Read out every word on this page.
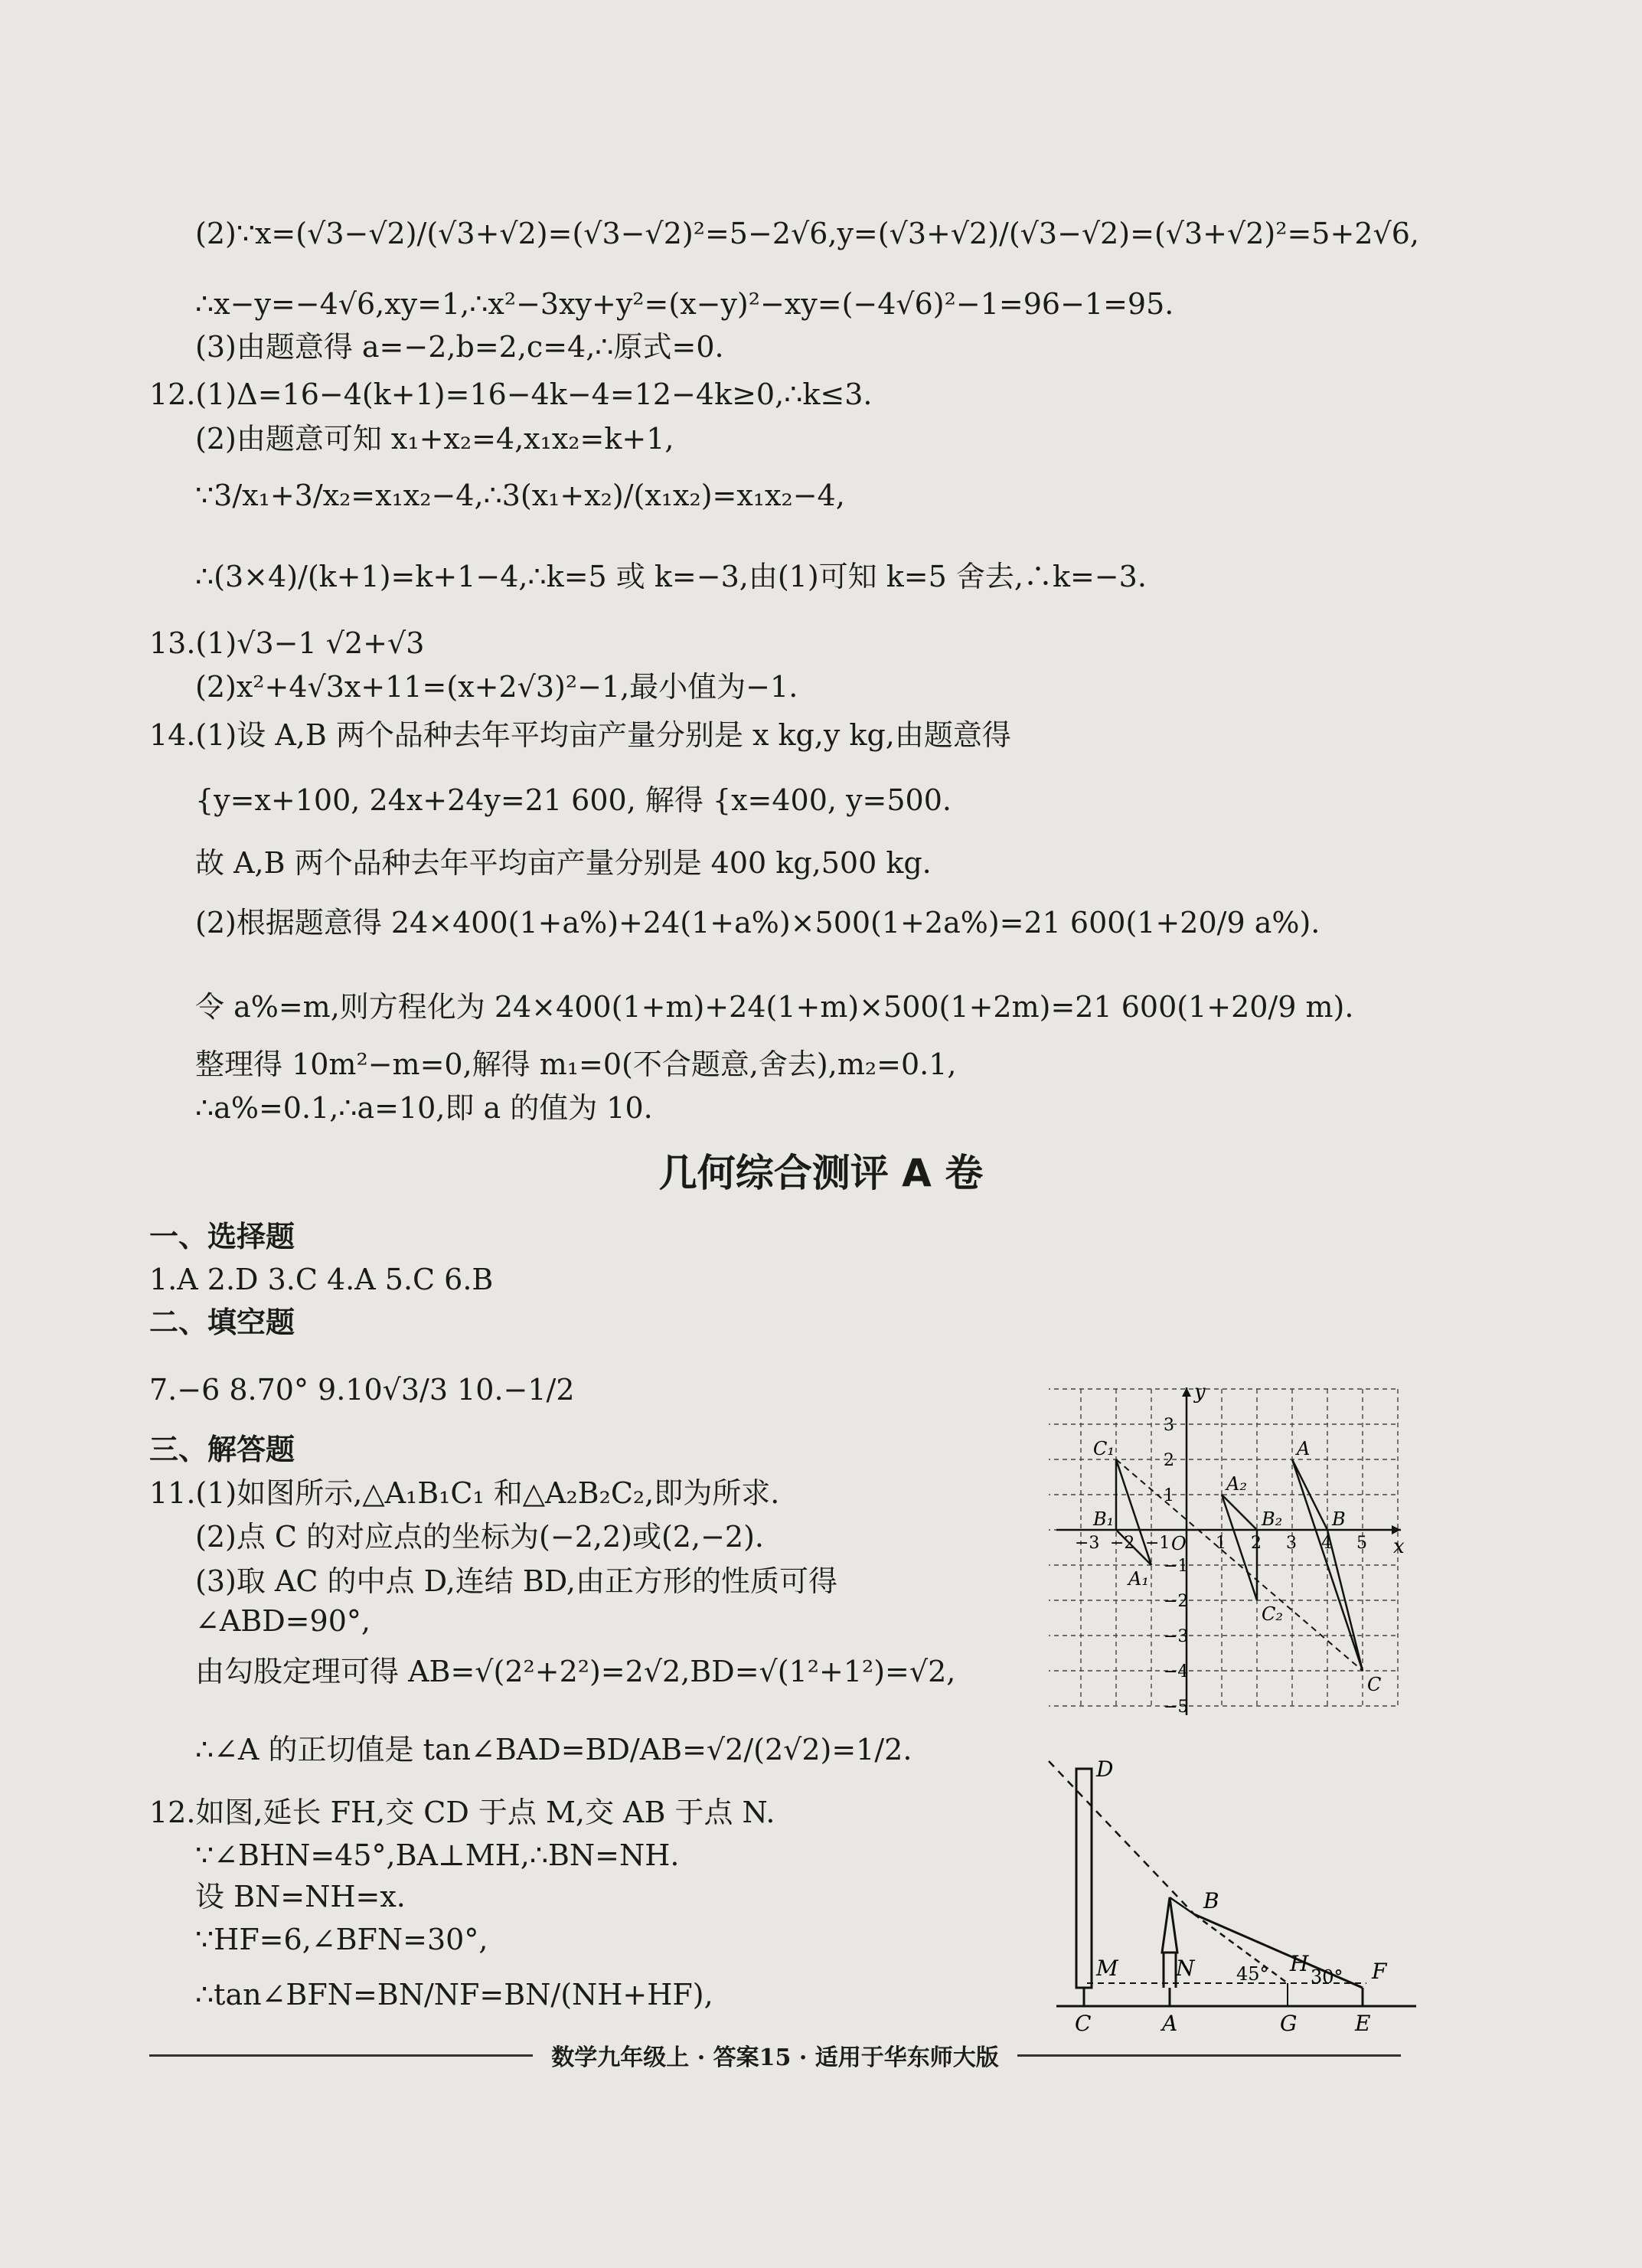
(2)∵x=(√3−√2)/(√3+√2)=(√3−√2)²=5−2√6,y=(√3+√2)/(√3−√2)=(√3+√2)²=5+2√6,
∴x−y=−4√6,xy=1,∴x²−3xy+y²=(x−y)²−xy=(−4√6)²−1=96−1=95.
(3)由题意得 a=−2,b=2,c=4,∴原式=0.
12.(1)Δ=16−4(k+1)=16−4k−4=12−4k≥0,∴k≤3.
(2)由题意可知 x₁+x₂=4,x₁x₂=k+1,
∵3/x₁+3/x₂=x₁x₂−4,∴3(x₁+x₂)/(x₁x₂)=x₁x₂−4,
∴(3×4)/(k+1)=k+1−4,∴k=5 或 k=−3,由(1)可知 k=5 舍去,∴k=−3.
13.(1)√3−1 √2+√3
(2)x²+4√3x+11=(x+2√3)²−1,最小值为−1.
14.(1)设 A,B 两个品种去年平均亩产量分别是 x kg,y kg,由题意得
{y=x+100, 24x+24y=21 600, 解得 {x=400, y=500.
故 A,B 两个品种去年平均亩产量分别是 400 kg,500 kg.
(2)根据题意得 24×400(1+a%)+24(1+a%)×500(1+2a%)=21 600(1+20/9 a%).
令 a%=m,则方程化为 24×400(1+m)+24(1+m)×500(1+2m)=21 600(1+20/9 m).
整理得 10m²−m=0,解得 m₁=0(不合题意,舍去),m₂=0.1,
∴a%=0.1,∴a=10,即 a 的值为 10.
几何综合测评 A 卷
一、选择题
1.A 2.D 3.C 4.A 5.C 6.B
二、填空题
7.−6 8.70° 9.10√3/3 10.−1/2
三、解答题
11.(1)如图所示,△A₁B₁C₁ 和△A₂B₂C₂,即为所求.
(2)点 C 的对应点的坐标为(−2,2)或(2,−2).
(3)取 AC 的中点 D,连结 BD,由正方形的性质可得
∠ABD=90°,
由勾股定理可得 AB=√(2²+2²)=2√2,BD=√(1²+1²)=√2,
∴∠A 的正切值是 tan∠BAD=BD/AB=√2/(2√2)=1/2.
12.如图,延长 FH,交 CD 于点 M,交 AB 于点 N.
∵∠BHN=45°,BA⊥MH,∴BN=NH.
设 BN=NH=x.
∵HF=6,∠BFN=30°,
∴tan∠BFN=BN/NF=BN/(NH+HF),
x
y
O
−3 −2 −1	1 2 3 4 5
3
2
1
−1
−2
−3
−4
−5
A
B
C
A₂
B₂
C₂
A₁
B₁
C₁
D
B
M	N	H	F
C	A	G	E
45° 30°
数学九年级上 · 答案15 · 适用于华东师大版
